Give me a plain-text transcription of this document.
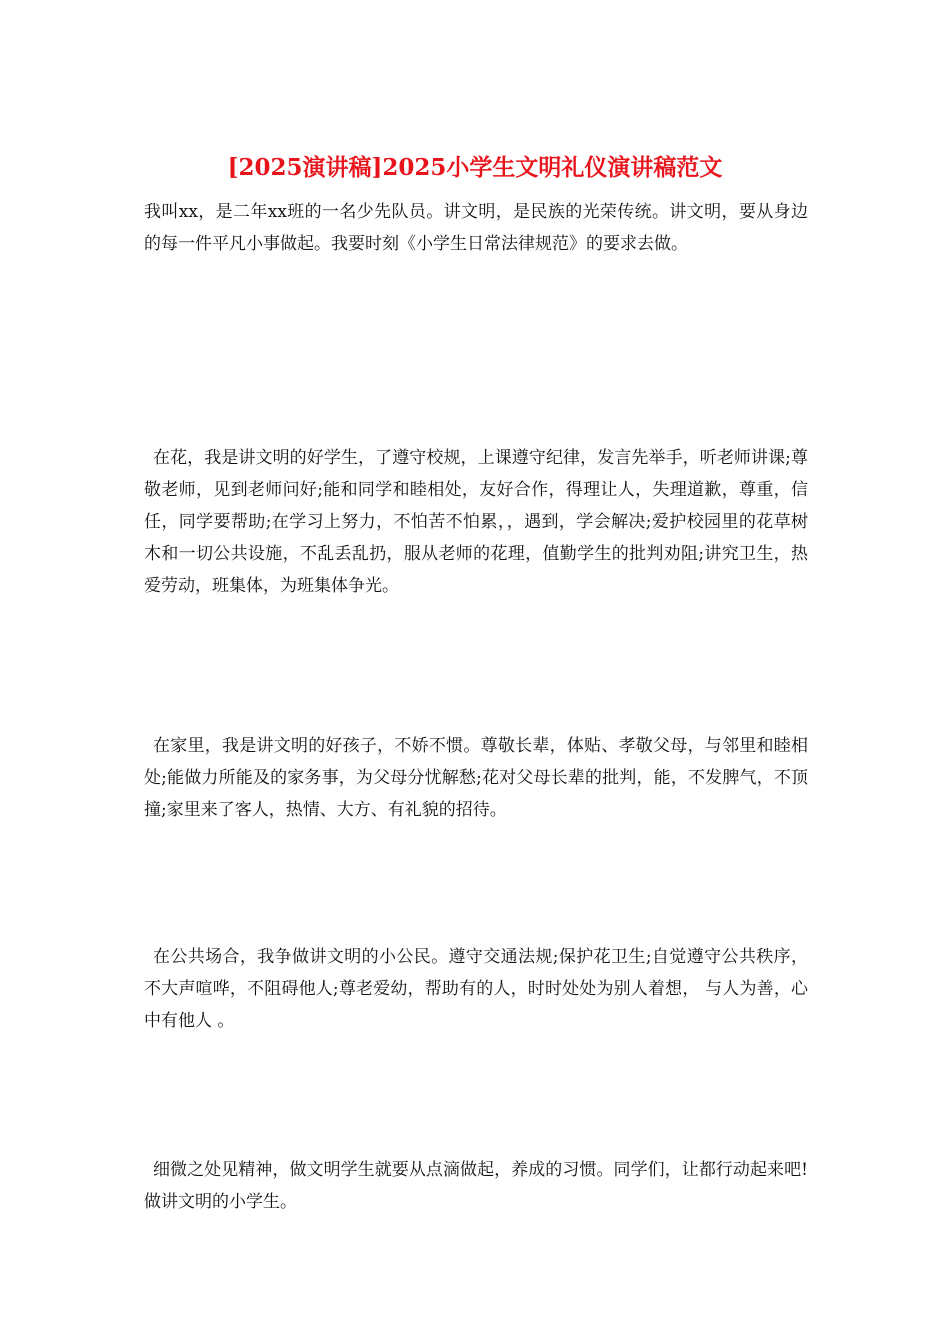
[2025演讲稿]2025小学生文明礼仪演讲稿范文

我叫xx，是二年xx班的一名少先队员。讲文明，是民族的光荣传统。讲文明，要从身边的每一件平凡小事做起。我要时刻《小学生日常法律规范》的要求去做。

在花，我是讲文明的好学生，了遵守校规，上课遵守纪律，发言先举手，听老师讲课;尊敬老师，见到老师问好;能和同学和睦相处，友好合作，得理让人，失理道歉，尊重，信任，同学要帮助;在学习上努力，不怕苦不怕累，，遇到，学会解决;爱护校园里的花草树木和一切公共设施，不乱丢乱扔，服从老师的花理，值勤学生的批判劝阻;讲究卫生，热爱劳动，班集体，为班集体争光。

在家里，我是讲文明的好孩子，不娇不惯。尊敬长辈，体贴、孝敬父母，与邻里和睦相处;能做力所能及的家务事，为父母分忧解愁;花对父母长辈的批判，能，不发脾气，不顶撞;家里来了客人，热情、大方、有礼貌的招待。

在公共场合，我争做讲文明的小公民。遵守交通法规;保护花卫生;自觉遵守公共秩序，不大声喧哗，不阻碍他人;尊老爱幼，帮助有的人，时时处处为别人着想， 与人为善，心中有他人 。

细微之处见精神，做文明学生就要从点滴做起，养成的习惯。同学们，让都行动起来吧!做讲文明的小学生。
